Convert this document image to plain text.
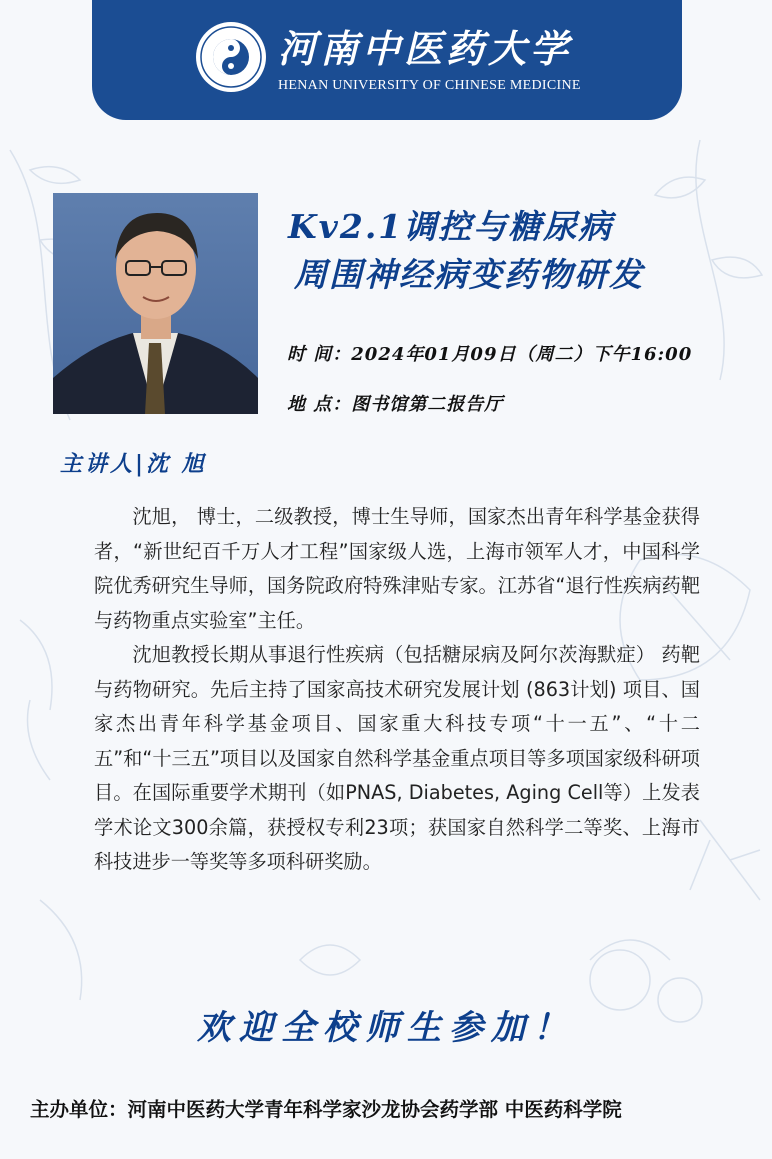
河南中医药大学
HENAN UNIVERSITY OF CHINESE MEDICINE
Kv2.1调控与糖尿病
周围神经病变药物研发
时 间：2024年01月09日（周二）下午16:00
地 点：图书馆第二报告厅
主讲人|沈 旭

沈旭， 博士，二级教授，博士生导师，国家杰出青年科学基金获得者，“新世纪百千万人才工程”国家级人选，上海市领军人才，中国科学院优秀研究生导师，国务院政府特殊津贴专家。江苏省“退行性疾病药靶与药物重点实验室”主任。

沈旭教授长期从事退行性疾病（包括糖尿病及阿尔茨海默症） 药靶与药物研究。先后主持了国家高技术研究发展计划 (863计划) 项目、国家杰出青年科学基金项目、国家重大科技专项“十一五”、“十二五”和“十三五”项目以及国家自然科学基金重点项目等多项国家级科研项目。在国际重要学术期刊（如PNAS, Diabetes, Aging Cell等）上发表学术论文300余篇，获授权专利23项；获国家自然科学二等奖、上海市科技进步一等奖等多项科研奖励。

欢迎全校师生参加！
主办单位：河南中医药大学青年科学家沙龙协会药学部 中医药科学院
